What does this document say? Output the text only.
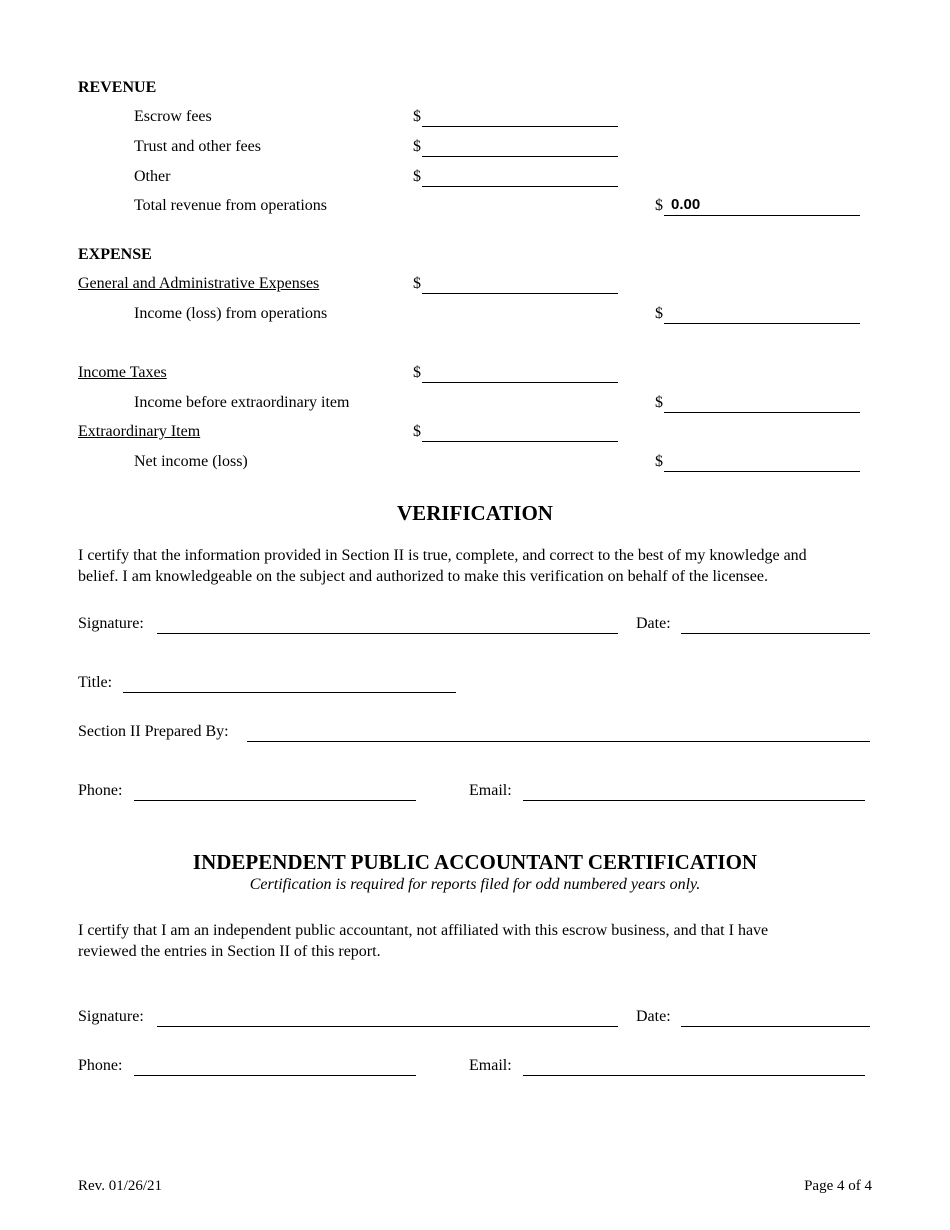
REVENUE
Escrow fees	$
Trust and other fees	$
Other	$
Total revenue from operations	$ 0.00
EXPENSE
General and Administrative Expenses	$
Income (loss) from operations	$
Income Taxes	$
Income before extraordinary item	$
Extraordinary Item	$
Net income (loss)	$
VERIFICATION
I certify that the information provided in Section II is true, complete, and correct to the best of my knowledge and
belief. I am knowledgeable on the subject and authorized to make this verification on behalf of the licensee.
Signature:	Date:
Title:
Section II Prepared By:
Phone:	Email:
INDEPENDENT PUBLIC ACCOUNTANT CERTIFICATION
Certification is required for reports filed for odd numbered years only.
I certify that I am an independent public accountant, not affiliated with this escrow business, and that I have
reviewed the entries in Section II of this report.
Signature:	Date:
Phone:	Email:
Rev. 01/26/21	Page 4 of 4
